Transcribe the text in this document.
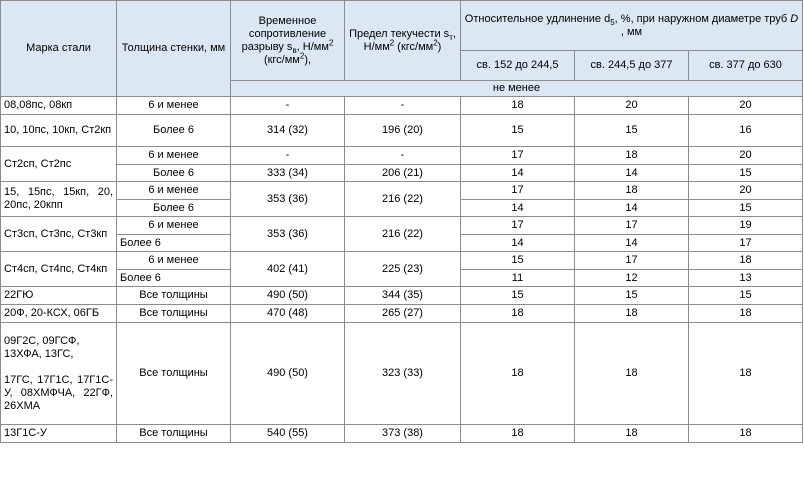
Марка стали	Толщина стенки, мм	Временное сопротивление разрыву $s_в$, $Н/мм^2$ $(кгс/мм^2)$,	Предел текучести $s_т$, $Н/мм^2$ $(кгс/мм^2)$	Относительное удлинение $d_5$, %, при наружном диаметре труб D , мм		
				св. 152 до 244,5	св. 244,5 до 377	св. 377 до 630
		не менее				
08,08пс, 08кп	6 и менее	-	-	18	20	20
10, 10пс, 10кп, Ст2кп	Более 6	314 (32)	196 (20)	15	15	16
Ст2сп, Ст2пс	6 и менее	-	-	17	18	20
	Более 6	333 (34)	206 (21)	14	14	15
15, 15пс, 15кп, 20, 20пс, 20кпп	6 и менее	353 (36)	216 (22)	17	18	20
	Более 6			14	14	15
Ст3сп, Ст3пс, Ст3кп	6 и менее	353 (36)	216 (22)	17	17	19
	Более 6			14	14	17
Ст4сп, Ст4пс, Ст4кп	6 и менее	402 (41)	225 (23)	15	17	18
	Более 6			11	12	13
22ГЮ	Все толщины	490 (50)	344 (35)	15	15	15
20Ф, 20-КСХ, 06ГБ	Все толщины	470 (48)	265 (27)	18	18	18

09Г2С, 09ГСФ, 13ХФА, 13ГС,
17ГС, 17Г1С, 17Г1С-У, 08ХМФЧА, 22ГФ, 26ХМА	Все толщины	490 (50)	323 (33)	18	18	18
13Г1С-У	Все толщины	540 (55)	373 (38)	18	18	18
